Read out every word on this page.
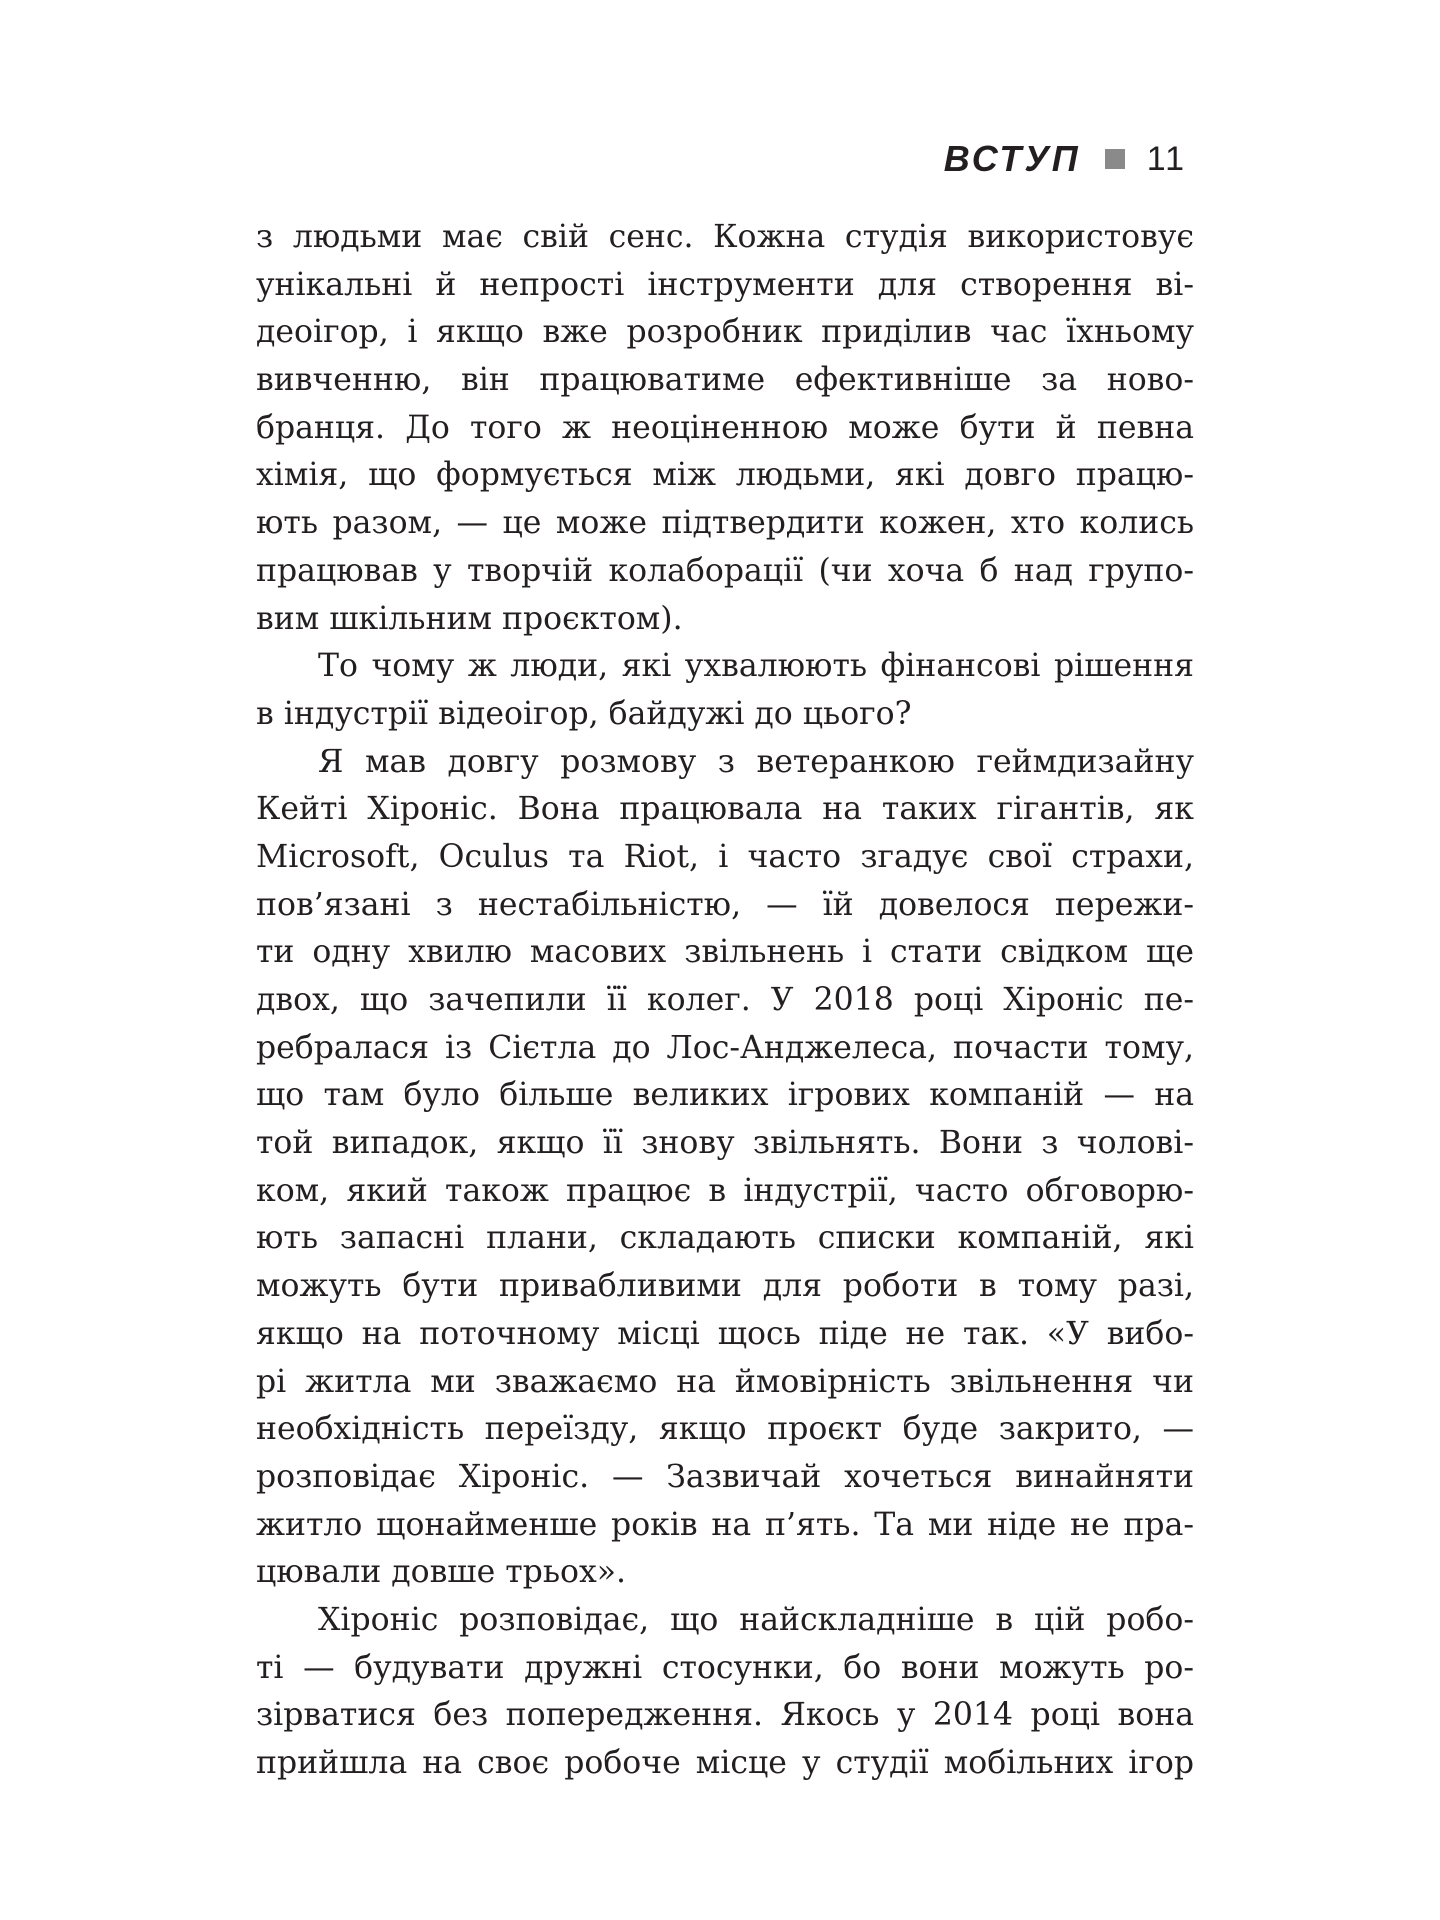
ВСТУП 11

з людьми має свій сенс. Кожна студія використовує
унікальні й непрості інструменти для створення ві-
деоігор, і якщо вже розробник приділив час їхньому
вивченню, він працюватиме ефективніше за ново-
бранця. До того ж неоціненною може бути й певна
хімія, що формується між людьми, які довго працю-
ють разом, — це може підтвердити кожен, хто колись
працював у творчій колаборації (чи хоча б над групо-
вим шкільним проєктом).

То чому ж люди, які ухвалюють фінансові рішення
в індустрії відеоігор, байдужі до цього?

Я мав довгу розмову з ветеранкою геймдизайну
Кейті Хіроніс. Вона працювала на таких гігантів, як
Microsoft, Oculus та Riot, і часто згадує свої страхи,
пов’язані з нестабільністю, — їй довелося пережи-
ти одну хвилю масових звільнень і стати свідком ще
двох, що зачепили її колег. У 2018 році Хіроніс пе-
ребралася із Сієтла до Лос-Анджелеса, почасти тому,
що там було більше великих ігрових компаній — на
той випадок, якщо її знову звільнять. Вони з чолові-
ком, який також працює в індустрії, часто обговорю-
ють запасні плани, складають списки компаній, які
можуть бути привабливими для роботи в тому разі,
якщо на поточному місці щось піде не так. «У вибо-
рі житла ми зважаємо на ймовірність звільнення чи
необхідність переїзду, якщо проєкт буде закрито, —
розповідає Хіроніс. — Зазвичай хочеться винайняти
житло щонайменше років на п’ять. Та ми ніде не пра-
цювали довше трьох».

Хіроніс розповідає, що найскладніше в цій робо-
ті — будувати дружні стосунки, бо вони можуть ро-
зірватися без попередження. Якось у 2014 році вона
прийшла на своє робоче місце у студії мобільних ігор
